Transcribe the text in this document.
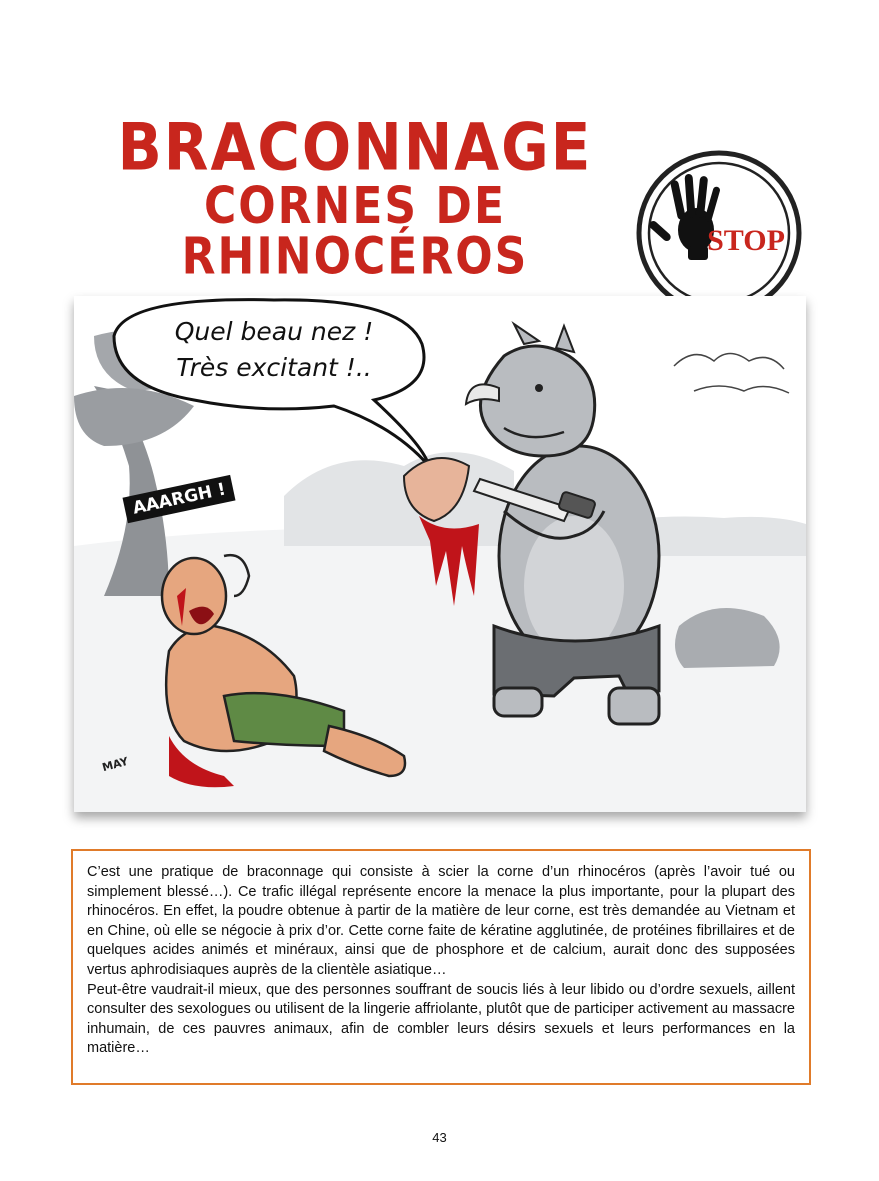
BRACONNAGE
CORNES DE RHINOCÉROS	STOP
Quel beau nez !
Très excitant !..
AAARGH !
MAY

C’est une pratique de braconnage qui consiste à scier la corne d’un rhinocéros (après l’avoir tué ou simplement blessé…). Ce trafic illégal représente encore la menace la plus importante, pour la plupart des rhinocéros. En effet, la poudre obtenue à partir de la matière de leur corne, est très demandée au Vietnam et en Chine, où elle se négocie à prix d’or. Cette corne faite de kératine agglutinée, de protéines fibrillaires et de quelques acides animés et minéraux, ainsi que de phosphore et de calcium, aurait donc des supposées vertus aphrodisiaques auprès de la clientèle asiatique…

Peut-être vaudrait-il mieux, que des personnes souffrant de soucis liés à leur libido ou d’ordre sexuels, aillent consulter des sexologues ou utilisent de la lingerie affriolante, plutôt que de participer activement au massacre inhumain, de ces pauvres animaux, afin de combler leurs désirs sexuels et leurs performances en la matière…

43
